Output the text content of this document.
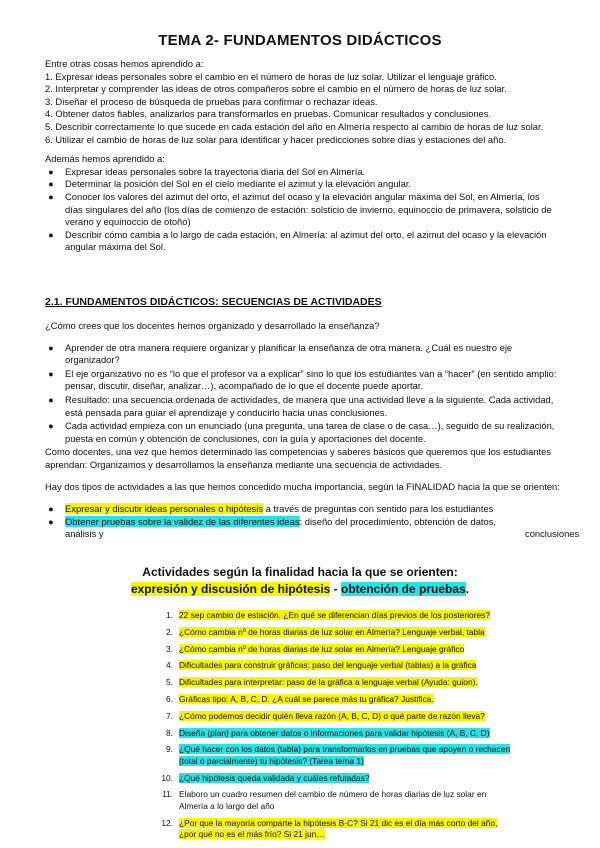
TEMA 2- FUNDAMENTOS DIDÁCTICOS
Entre otras cosas hemos aprendido a:
1. Expresar ideas personales sobre el cambio en el número de horas de luz solar. Utilizar el lenguaje gráfico.
2. Interpretar y comprender las ideas de otros compañeros sobre el cambio en el número de horas de luz solar.
3. Diseñar el proceso de búsqueda de pruebas para confirmar o rechazar ideas.
4. Obtener datos fiables, analizarlos para transformarlos en pruebas. Comunicar resultados y conclusiones.
5. Describir correctamente lo que sucede en cada estación del año en Almería respecto al cambio de horas de luz solar.
6. Utilizar el cambio de horas de luz solar para identificar y hacer predicciones sobre días y estaciones del año.
Además hemos aprendido a:
●	Expresar ideas personales sobre la trayectoria diaria del Sol en Almería.
●	Determinar la posición del Sol en el cielo mediante el azimut y la elevación angular.
●	Conocer los valores del azimut del orto, el azimut del ocaso y la elevación angular máxima del Sol, en Almería, los días singulares del año (los días de comienzo de estación: solsticio de invierno, equinoccio de primavera, solsticio de verano y equinoccio de otoño)
●	Describir cómo cambia a lo largo de cada estación, en Almería: al azimut del orto, el azimut del ocaso y la elevación angular máxima del Sol.
2.1. FUNDAMENTOS DIDÁCTICOS: SECUENCIAS DE ACTIVIDADES
¿Cómo crees que los docentes hemos organizado y desarrollado la enseñanza?
●	Aprender de otra manera requiere organizar y planificar la enseñanza de otra manera. ¿Cuál es nuestro eje organizador?
●	El eje organizativo no es “lo que el profesor va a explicar” sino lo que los estudiantes van a “hacer” (en sentido amplio: pensar, discutir, diseñar, analizar…), acompañado de lo que el docente puede aportar.
●	Resultado: una secuencia ordenada de actividades, de manera que una actividad lleve a la siguiente. Cada actividad, está pensada para guiar el aprendizaje y conducirlo hacia unas conclusiones.
●	Cada actividad empieza con un enunciado (una pregunta, una tarea de clase o de casa…), seguido de su realización, puesta en común y obtención de conclusiones, con la guía y aportaciones del docente.
Como docentes, una vez que hemos determinado las competencias y saberes básicos que queremos que los estudiantes aprendan: Organizamos y desarrollamos la enseñanza mediante una secuencia de actividades.
Hay dos tipos de actividades a las que hemos concedido mucha importancia, según la FINALIDAD hacia la que se orienten:
●	Expresar y discutir ideas personales o hipótesis a través de preguntas con sentido para los estudiantes
●	Obtener pruebas sobre la validez de las diferentes ideas: diseño del procedimiento, obtención de datos,
análisis y	conclusiones
Actividades según la finalidad hacia la que se orienten:
expresión y discusión de hipótesis - obtención de pruebas.
1. 22 sep cambio de estación. ¿En qué se diferencian días previos de los posteriores?
2. ¿Cómo cambia nº de horas diarias de luz solar en Almería? Lenguaje verbal, tabla
3. ¿Cómo cambia nº de horas diarias de luz solar en Almería? Lenguaje gráfico
4. Dificultades para construir gráficas: paso del lenguaje verbal (tablas) a la gráfica
5. Dificultades para interpretar: paso de la gráfica a lenguaje verbal (Ayuda: guion).
6. Gráficas tipo: A, B, C, D. ¿A cuál se parece más tu gráfica? Justifica.
7. ¿Cómo podemos decidir quién lleva razón (A, B, C, D) o qué parte de razón lleva?
8. Diseña (plan) para obtener datos o informaciones para validar hipótesis (A, B, C, D)
9. ¿Qué hacer con los datos (tabla) para transformarlos en pruebas que apoyen o rechacen (total o parcialmente) tu hipótesis? (Tarea tema 1)
10. ¿Qué hipótesis queda validada y cuáles refutadas?
11. Elaboro un cuadro resumen del cambio de número de horas diarias de luz solar en Almería a lo largo del año
12. ¿Por que la mayoría comparte la hipótesis B-C? Si 21 dic es el día más corto del año, ¿por qué no es el más frío? Si 21 jun…
